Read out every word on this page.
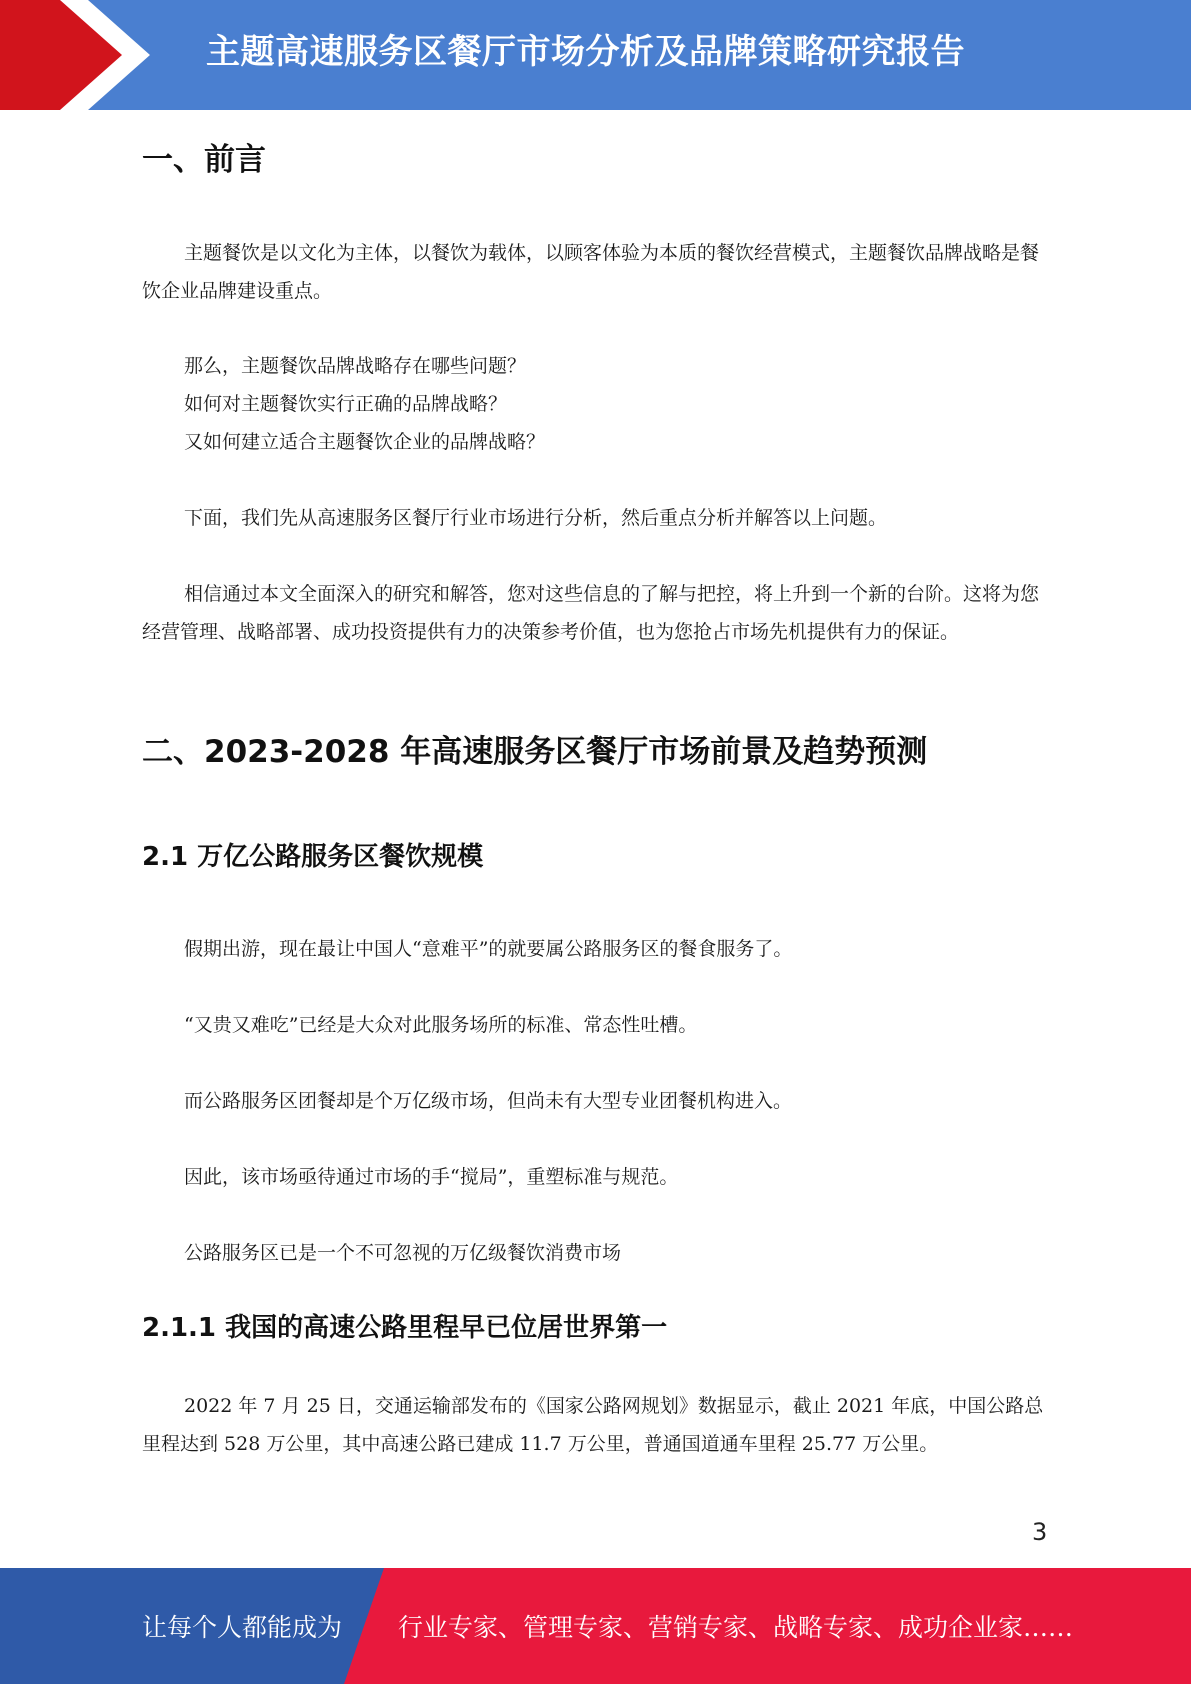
主题高速服务区餐厅市场分析及品牌策略研究报告
一、前言

主题餐饮是以文化为主体，以餐饮为载体，以顾客体验为本质的餐饮经营模式，主题餐饮品牌战略是餐饮企业品牌建设重点。

那么，主题餐饮品牌战略存在哪些问题？

如何对主题餐饮实行正确的品牌战略？

又如何建立适合主题餐饮企业的品牌战略？

下面，我们先从高速服务区餐厅行业市场进行分析，然后重点分析并解答以上问题。

相信通过本文全面深入的研究和解答，您对这些信息的了解与把控，将上升到一个新的台阶。这将为您经营管理、战略部署、成功投资提供有力的决策参考价值，也为您抢占市场先机提供有力的保证。

二、2023-2028 年高速服务区餐厅市场前景及趋势预测
2.1 万亿公路服务区餐饮规模

假期出游，现在最让中国人“意难平”的就要属公路服务区的餐食服务了。

“又贵又难吃”已经是大众对此服务场所的标准、常态性吐槽。

而公路服务区团餐却是个万亿级市场，但尚未有大型专业团餐机构进入。

因此，该市场亟待通过市场的手“搅局”，重塑标准与规范。

公路服务区已是一个不可忽视的万亿级餐饮消费市场

2.1.1 我国的高速公路里程早已位居世界第一

2022 年 7 月 25 日，交通运输部发布的《国家公路网规划》数据显示，截止 2021 年底，中国公路总里程达到 528 万公里，其中高速公路已建成 11.7 万公里，普通国道通车里程 25.77 万公里。

3
让每个人都能成为 行业专家、管理专家、营销专家、战略专家、成功企业家……
